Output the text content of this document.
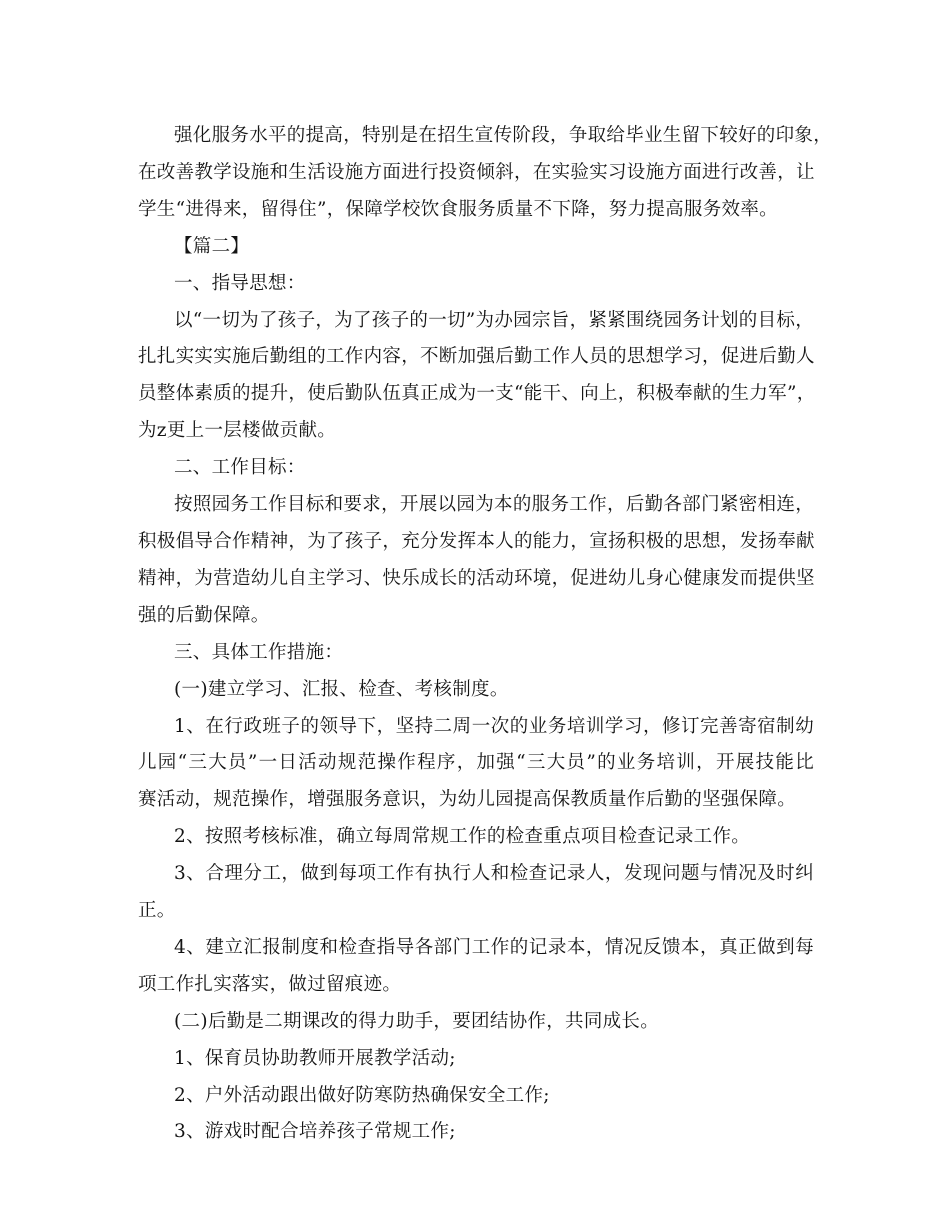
强化服务水平的提高，特别是在招生宣传阶段，争取给毕业生留下较好的印象，

在改善教学设施和生活设施方面进行投资倾斜，在实验实习设施方面进行改善，让

学生“进得来，留得住”，保障学校饮食服务质量不下降，努力提高服务效率。

【篇二】

一、指导思想：

以“一切为了孩子，为了孩子的一切”为办园宗旨，紧紧围绕园务计划的目标，

扎扎实实实施后勤组的工作内容，不断加强后勤工作人员的思想学习，促进后勤人

员整体素质的提升，使后勤队伍真正成为一支“能干、向上，积极奉献的生力军”，

为z更上一层楼做贡献。

二、工作目标：

按照园务工作目标和要求，开展以园为本的服务工作，后勤各部门紧密相连，

积极倡导合作精神，为了孩子，充分发挥本人的能力，宣扬积极的思想，发扬奉献

精神，为营造幼儿自主学习、快乐成长的活动环境，促进幼儿身心健康发而提供坚

强的后勤保障。

三、具体工作措施：

(一)建立学习、汇报、检查、考核制度。

1、在行政班子的领导下，坚持二周一次的业务培训学习，修订完善寄宿制幼

儿园“三大员”一日活动规范操作程序，加强“三大员”的业务培训，开展技能比

赛活动，规范操作，增强服务意识，为幼儿园提高保教质量作后勤的坚强保障。

2、按照考核标准，确立每周常规工作的检查重点项目检查记录工作。

3、合理分工，做到每项工作有执行人和检查记录人，发现问题与情况及时纠

正。

4、建立汇报制度和检查指导各部门工作的记录本，情况反馈本，真正做到每

项工作扎实落实，做过留痕迹。

(二)后勤是二期课改的得力助手，要团结协作，共同成长。

1、保育员协助教师开展教学活动;

2、户外活动跟出做好防寒防热确保安全工作;

3、游戏时配合培养孩子常规工作;
